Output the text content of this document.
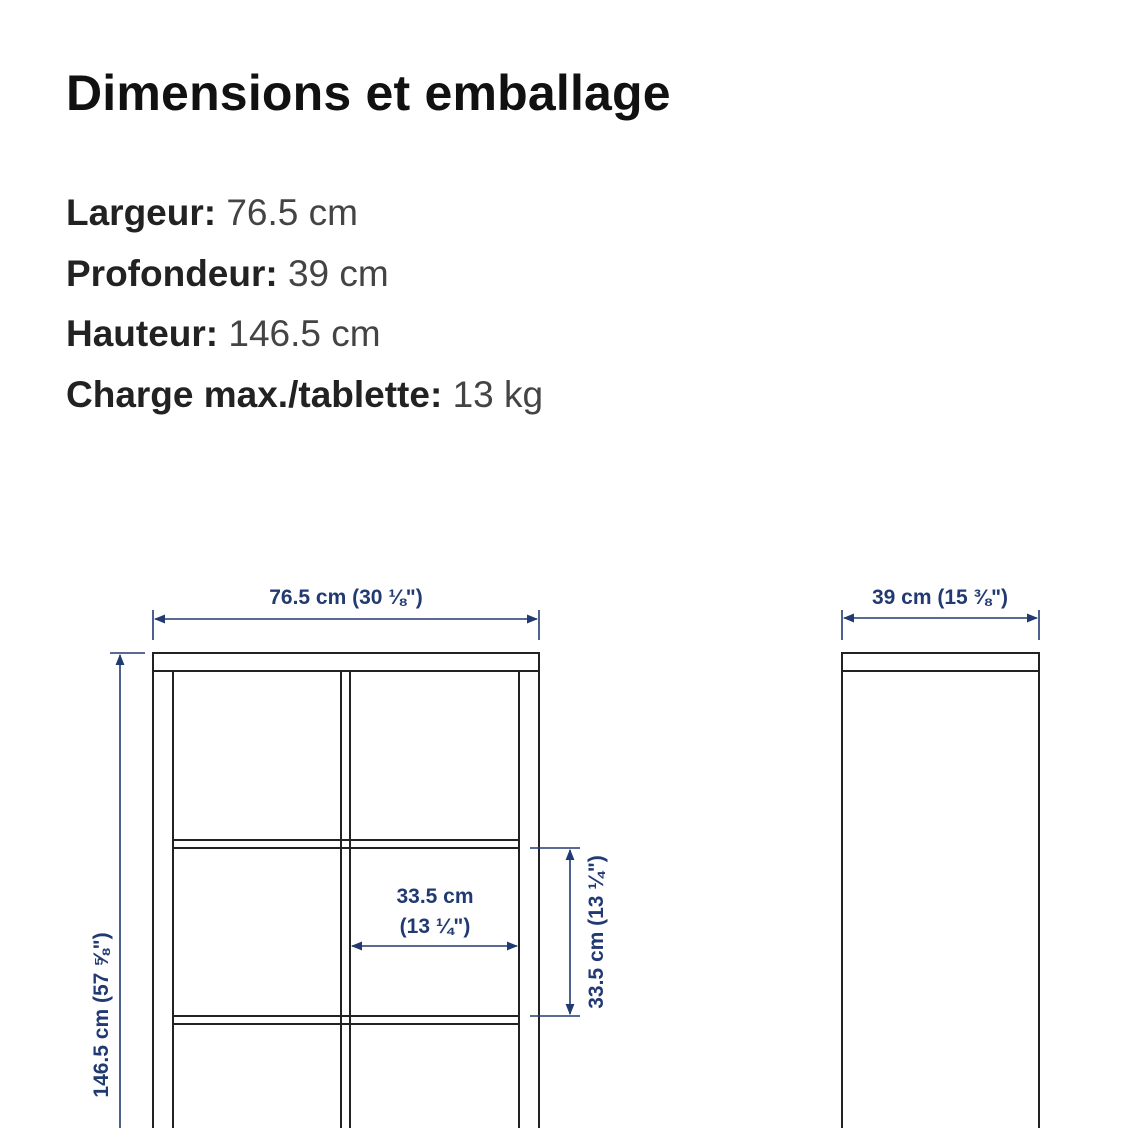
Dimensions et emballage
Largeur: 76.5 cm
Profondeur: 39 cm
Hauteur: 146.5 cm
Charge max./tablette: 13 kg
76.5 cm (30 ⅛")	39 cm (15 ⅜")
146.5 cm (57 ⅝")
33.5 cm
(13 ¼")	33.5 cm (13 ¼")
